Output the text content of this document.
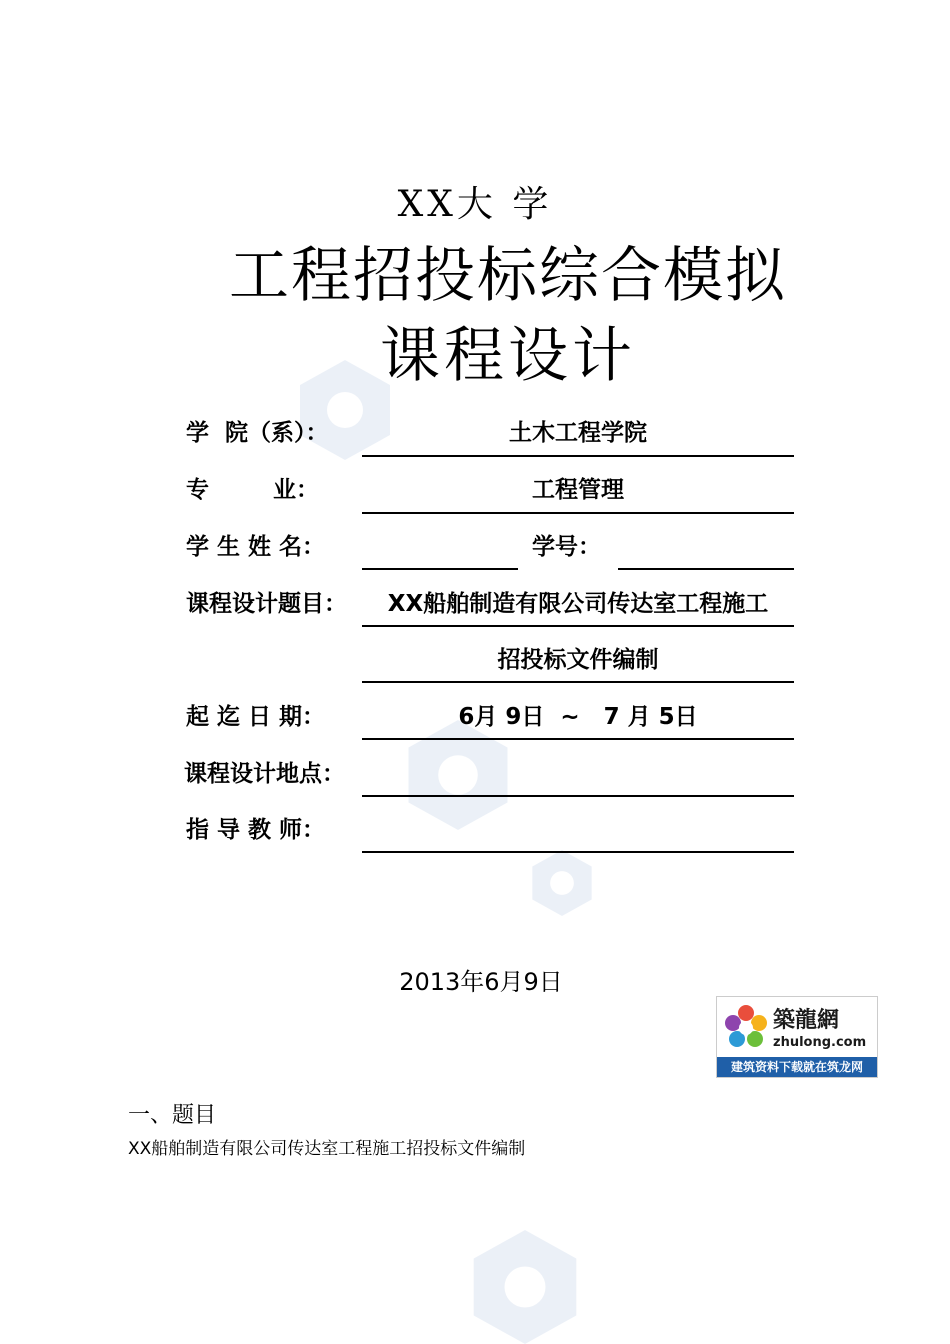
XX大 学
工程招投标综合模拟
课程设计
学  院（系）：	土木工程学院
专        业：	工程管理
学 生 姓 名：	学号：
课程设计题目：	XX船舶制造有限公司传达室工程施工
招投标文件编制
起 迄 日 期：	6月 9日  ~   7 月 5日
课程设计地点：
指 导 教 师：
2013年6月9日
築龍網
zhulong.com
建筑资料下载就在筑龙网
一、题目
XX船舶制造有限公司传达室工程施工招投标文件编制
